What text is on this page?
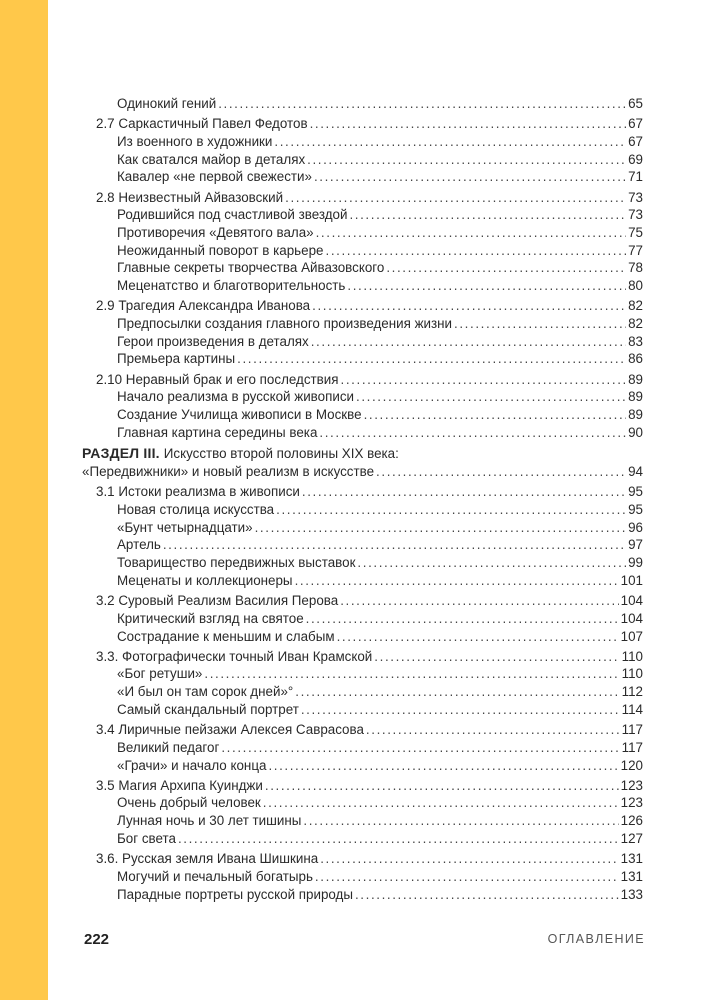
Одинокий гений .....	65
2.7 Саркастичный Павел Федотов .....	67
Из военного в художники .....	67
Как сватался майор в деталях .....	69
Кавалер «не первой свежести» .....	71
2.8 Неизвестный Айвазовский .....	73
Родившийся под счастливой звездой .....	73
Противоречия «Девятого вала» .....	75
Неожиданный поворот в карьере .....	77
Главные секреты творчества Айвазовского .....	78
Меценатство и благотворительность .....	80
2.9 Трагедия Александра Иванова .....	82
Предпосылки создания главного произведения жизни .....	82
Герои произведения в деталях .....	83
Премьера картины .....	86
2.10 Неравный брак и его последствия .....	89
Начало реализма в русской живописи .....	89
Создание Училища живописи в Москве .....	89
Главная картина середины века .....	90
РАЗДЕЛ III. Искусство второй половины XIX века:
«Передвижники» и новый реализм в искусстве .....	94
3.1 Истоки реализма в живописи .....	95
Новая столица искусства .....	95
«Бунт четырнадцати» .....	96
Артель .....	97
Товарищество передвижных выставок .....	99
Меценаты и коллекционеры .....	101
3.2 Суровый Реализм Василия Перова .....	104
Критический взгляд на святое .....	104
Сострадание к меньшим и слабым .....	107
3.3. Фотографически точный Иван Крамской .....	110
«Бог ретуши» .....	110
«И был он там сорок дней»° .....	112
Самый скандальный портрет .....	114
3.4 Лиричные пейзажи Алексея Саврасова .....	117
Великий педагог .....	117
«Грачи» и начало конца .....	120
3.5 Магия Архипа Куинджи .....	123
Очень добрый человек .....	123
Лунная ночь и 30 лет тишины .....	126
Бог света .....	127
3.6. Русская земля Ивана Шишкина .....	131
Могучий и печальный богатырь .....	131
Парадные портреты русской природы .....	133
222	ОГЛАВЛЕНИЕ
